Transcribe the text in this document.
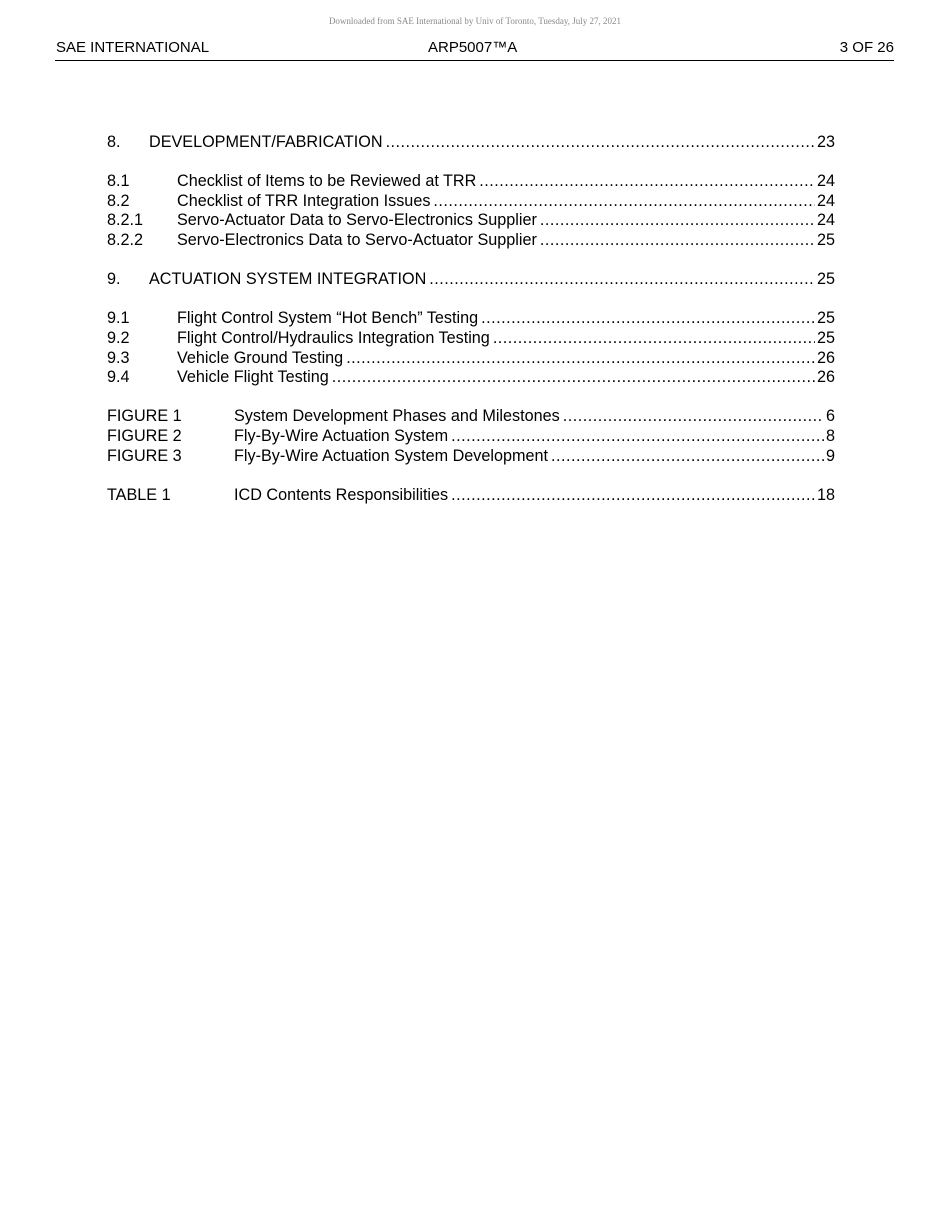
Downloaded from SAE International by Univ of Toronto, Tuesday, July 27, 2021
SAE INTERNATIONAL	ARP5007™A	3 OF 26
8.	DEVELOPMENT/FABRICATION .....	23
8.1	Checklist of Items to be Reviewed at TRR .....	24
8.2	Checklist of TRR Integration Issues .....	24
8.2.1	Servo-Actuator Data to Servo-Electronics Supplier .....	24
8.2.2	Servo-Electronics Data to Servo-Actuator Supplier .....	25
9.	ACTUATION SYSTEM INTEGRATION .....	25
9.1	Flight Control System “Hot Bench” Testing .....	25
9.2	Flight Control/Hydraulics Integration Testing .....	25
9.3	Vehicle Ground Testing .....	26
9.4	Vehicle Flight Testing .....	26
FIGURE 1	System Development Phases and Milestones .....	6
FIGURE 2	Fly-By-Wire Actuation System .....	8
FIGURE 3	Fly-By-Wire Actuation System Development .....	9
TABLE 1	ICD Contents Responsibilities .....	18
